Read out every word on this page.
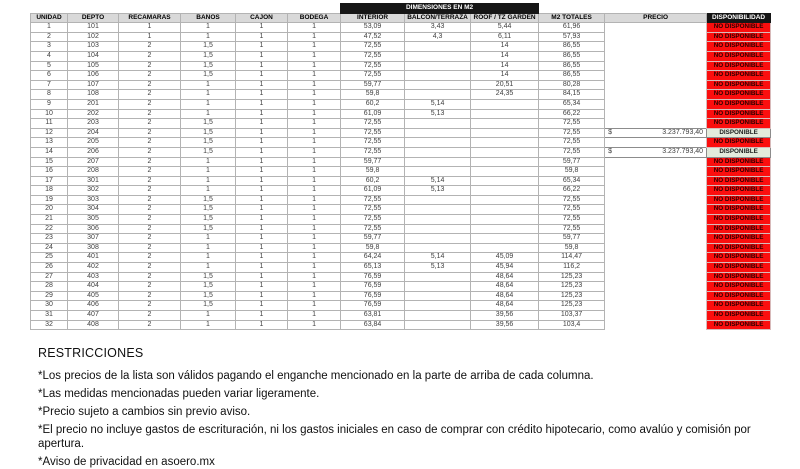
						DIMENSIONES EN M2					
UNIDAD	DEPTO	RECAMARAS	BAÑOS	CAJÓN	BODEGA	INTERIOR	BALCON/TERRAZA	ROOF / TZ GARDEN	M2 TOTALES	PRECIO	DISPONIBILIDAD
1	101	1	1	1	1	53,09	3,43	5,44	61,96		NO DISPONIBLE
2	102	1	1	1	1	47,52	4,3	6,11	57,93		NO DISPONIBLE
3	103	2	1,5	1	1	72,55		14	86,55		NO DISPONIBLE
4	104	2	1,5	1	1	72,55		14	86,55		NO DISPONIBLE
5	105	2	1,5	1	1	72,55		14	86,55		NO DISPONIBLE
6	106	2	1,5	1	1	72,55		14	86,55		NO DISPONIBLE
7	107	2	1	1	1	59,77		20,51	80,28		NO DISPONIBLE
8	108	2	1	1	1	59,8		24,35	84,15		NO DISPONIBLE
9	201	2	1	1	1	60,2	5,14		65,34		NO DISPONIBLE
10	202	2	1	1	1	61,09	5,13		66,22		NO DISPONIBLE
11	203	2	1,5	1	1	72,55			72,55		NO DISPONIBLE
12	204	2	1,5	1	1	72,55			72,55	$ 3.237.793,40	DISPONIBLE
13	205	2	1,5	1	1	72,55			72,55		NO DISPONIBLE
14	206	2	1,5	1	1	72,55			72,55	$ 3.237.793,40	DISPONIBLE
15	207	2	1	1	1	59,77			59,77		NO DISPONIBLE
16	208	2	1	1	1	59,8			59,8		NO DISPONIBLE
17	301	2	1	1	1	60,2	5,14		65,34		NO DISPONIBLE
18	302	2	1	1	1	61,09	5,13		66,22		NO DISPONIBLE
19	303	2	1,5	1	1	72,55			72,55		NO DISPONIBLE
20	304	2	1,5	1	1	72,55			72,55		NO DISPONIBLE
21	305	2	1,5	1	1	72,55			72,55		NO DISPONIBLE
22	306	2	1,5	1	1	72,55			72,55		NO DISPONIBLE
23	307	2	1	1	1	59,77			59,77		NO DISPONIBLE
24	308	2	1	1	1	59,8			59,8		NO DISPONIBLE
25	401	2	1	1	1	64,24	5,14	45,09	114,47		NO DISPONIBLE
26	402	2	1	1	1	65,13	5,13	45,94	116,2		NO DISPONIBLE
27	403	2	1,5	1	1	76,59		48,64	125,23		NO DISPONIBLE
28	404	2	1,5	1	1	76,59		48,64	125,23		NO DISPONIBLE
29	405	2	1,5	1	1	76,59		48,64	125,23		NO DISPONIBLE
30	406	2	1,5	1	1	76,59		48,64	125,23		NO DISPONIBLE
31	407	2	1	1	1	63,81		39,56	103,37		NO DISPONIBLE
32	408	2	1	1	1	63,84		39,56	103,4		NO DISPONIBLE
RESTRICCIONES
*Los precios de la lista son válidos pagando el enganche mencionado en la parte de arriba de cada columna.
*Las medidas mencionadas pueden variar ligeramente.
*Precio sujeto a cambios sin previo aviso.
*El precio no incluye gastos de escrituración, ni los gastos iniciales en caso de comprar con crédito hipotecario, como avalúo y comisión por apertura.
*Aviso de privacidad en asoero.mx
